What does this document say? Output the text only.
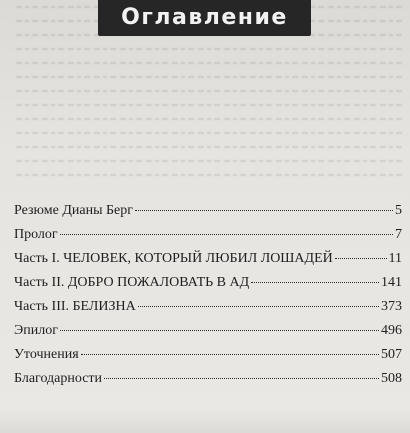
Оглавление
Резюме Дианы Берг	5
Пролог	7
Часть I. ЧЕЛОВЕК, КОТОРЫЙ ЛЮБИЛ ЛОШАДЕЙ	11
Часть II. ДОБРО ПОЖАЛОВАТЬ В АД	141
Часть III. БЕЛИЗНА	373
Эпилог	496
Уточнения	507
Благодарности	508
